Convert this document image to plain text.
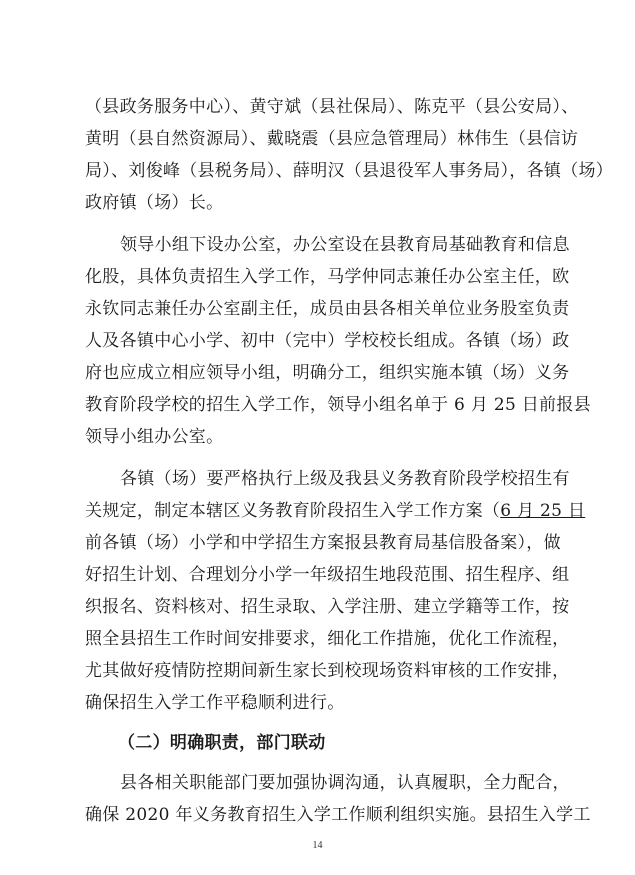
（县政务服务中心）、黄守斌（县社保局）、陈克平（县公安局）、
黄明（县自然资源局）、戴晓震（县应急管理局）林伟生（县信访
局）、刘俊峰（县税务局）、薛明汉（县退役军人事务局），各镇（场）
政府镇（场）长。
领导小组下设办公室，办公室设在县教育局基础教育和信息
化股，具体负责招生入学工作，马学仲同志兼任办公室主任，欧
永钦同志兼任办公室副主任，成员由县各相关单位业务股室负责
人及各镇中心小学、初中（完中）学校校长组成。各镇（场）政
府也应成立相应领导小组，明确分工，组织实施本镇（场）义务
教育阶段学校的招生入学工作，领导小组名单于 6 月 25 日前报县
领导小组办公室。
各镇（场）要严格执行上级及我县义务教育阶段学校招生有
关规定，制定本辖区义务教育阶段招生入学工作方案（6 月 25 日
前各镇（场）小学和中学招生方案报县教育局基信股备案），做
好招生计划、合理划分小学一年级招生地段范围、招生程序、组
织报名、资料核对、招生录取、入学注册、建立学籍等工作，按
照全县招生工作时间安排要求，细化工作措施，优化工作流程，
尤其做好疫情防控期间新生家长到校现场资料审核的工作安排，
确保招生入学工作平稳顺利进行。
（二）明确职责，部门联动
县各相关职能部门要加强协调沟通，认真履职，全力配合，
确保 2020 年义务教育招生入学工作顺利组织实施。县招生入学工
14
